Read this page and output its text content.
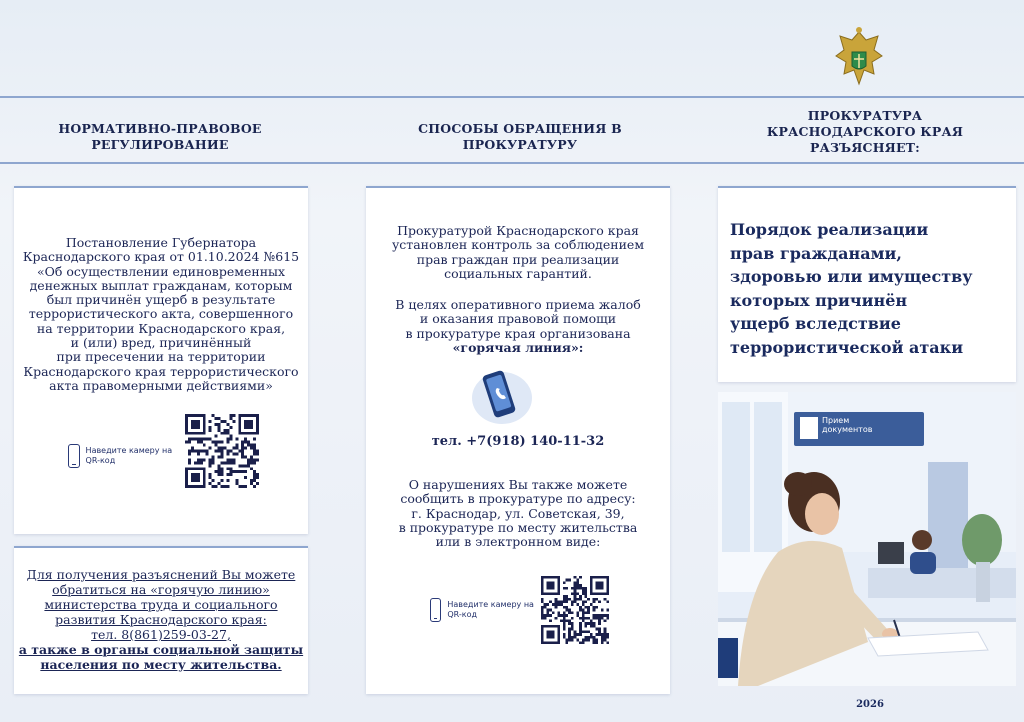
НОРМАТИВНО-ПРАВОВОЕ РЕГУЛИРОВАНИЕ
СПОСОБЫ ОБРАЩЕНИЯ В ПРОКУРАТУРУ
ПРОКУРАТУРА КРАСНОДАРСКОГО КРАЯ РАЗЪЯСНЯЕТ:
Постановление Губернатора
Краснодарского края от 01.10.2024 №615
«Об осуществлении единовременных
денежных выплат гражданам, которым
был причинён ущерб в результате
террористического акта, совершенного
на территории Краснодарского края,
и (или) вред, причинённый
при пресечении на территории
Краснодарского края террористического
акта правомерными действиями»
Наведите камеру на QR-код
Для получения разъяснений Вы можете
обратиться на «горячую линию»
министерства труда и социального
развития Краснодарского края:
тел. 8(861)259-03-27,
а также в органы социальной защиты
населения по месту жительства.
Прокуратурой Краснодарского края
установлен контроль за соблюдением
прав граждан при реализации
социальных гарантий.
В целях оперативного приема жалоб
и оказания правовой помощи
в прокуратуре края организована
«горячая линия»:
тел. +7(918) 140-11-32
О нарушениях Вы также можете
сообщить в прокуратуре по адресу:
г. Краснодар, ул. Советская, 39,
в прокуратуре по месту жительства
или в электронном виде:
Наведите камеру на QR-код
Порядок реализации
прав гражданами,
здоровью или имуществу
которых причинён
ущерб вследствие
террористической атаки
Прием
документов
2026
